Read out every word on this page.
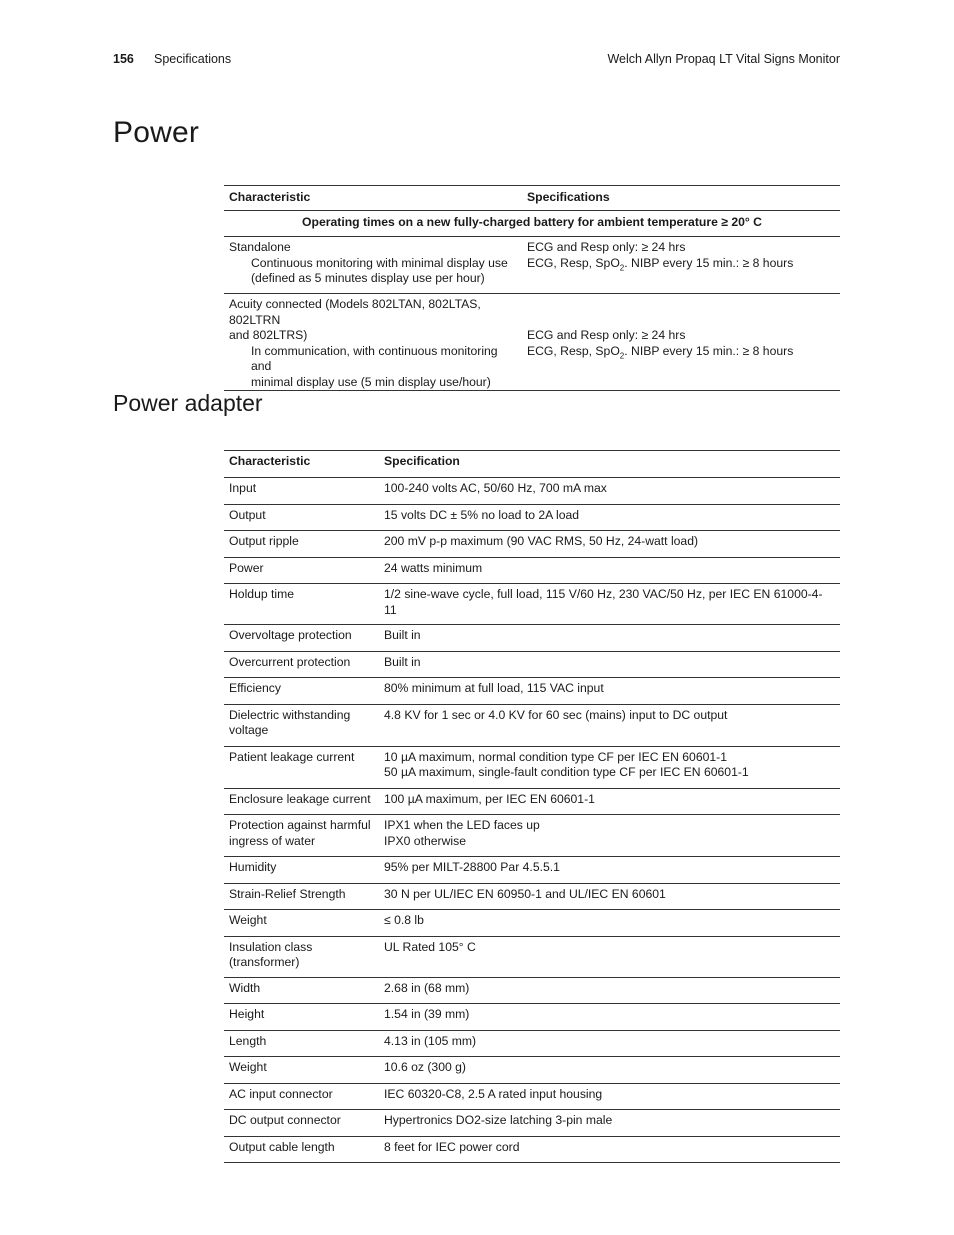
156 Specifications	Welch Allyn Propaq LT Vital Signs Monitor
Power
Characteristic	Specifications
Operating times on a new fully-charged battery for ambient temperature ≥ 20° C	

Standalone
Continuous monitoring with minimal display use
(defined as 5 minutes display use per hour)	ECG and Resp only: ≥ 24 hrs
ECG, Resp, SpO$_2$. NIBP every 15 min.: ≥ 8 hours

Acuity connected (Models 802LTAN, 802LTAS, 802LTRN
and 802LTRS)
In communication, with continuous monitoring and
minimal display use (5 min display use/hour)	ECG and Resp only: ≥ 24 hrs
ECG, Resp, SpO$_2$. NIBP every 15 min.: ≥ 8 hours
Power adapter
Characteristic	Specification
Input	100-240 volts AC, 50/60 Hz, 700 mA max
Output	15 volts DC ± 5% no load to 2A load
Output ripple	200 mV p-p maximum (90 VAC RMS, 50 Hz, 24-watt load)
Power	24 watts minimum
Holdup time	1/2 sine-wave cycle, full load, 115 V/60 Hz, 230 VAC/50 Hz, per IEC EN 61000-4-11
Overvoltage protection	Built in
Overcurrent protection	Built in
Efficiency	80% minimum at full load, 115 VAC input

Dielectric withstanding
voltage	4.8 KV for 1 sec or 4.0 KV for 60 sec (mains) input to DC output
Patient leakage current	10 µA maximum, normal condition type CF per IEC EN 60601-1
50 µA maximum, single-fault condition type CF per IEC EN 60601-1

Enclosure leakage current	100 µA maximum, per IEC EN 60601-1

Protection against harmful
ingress of water	IPX1 when the LED faces up
IPX0 otherwise

Humidity	95% per MILT-28800 Par 4.5.5.1
Strain-Relief Strength	30 N per UL/IEC EN 60950-1 and UL/IEC EN 60601
Weight	≤ 0.8 lb
Insulation class (transformer)	UL Rated 105° C
Width	2.68 in (68 mm)
Height	1.54 in (39 mm)
Length	4.13 in (105 mm)
Weight	10.6 oz (300 g)
AC input connector	IEC 60320-C8, 2.5 A rated input housing
DC output connector	Hypertronics DO2-size latching 3-pin male
Output cable length	8 feet for IEC power cord
